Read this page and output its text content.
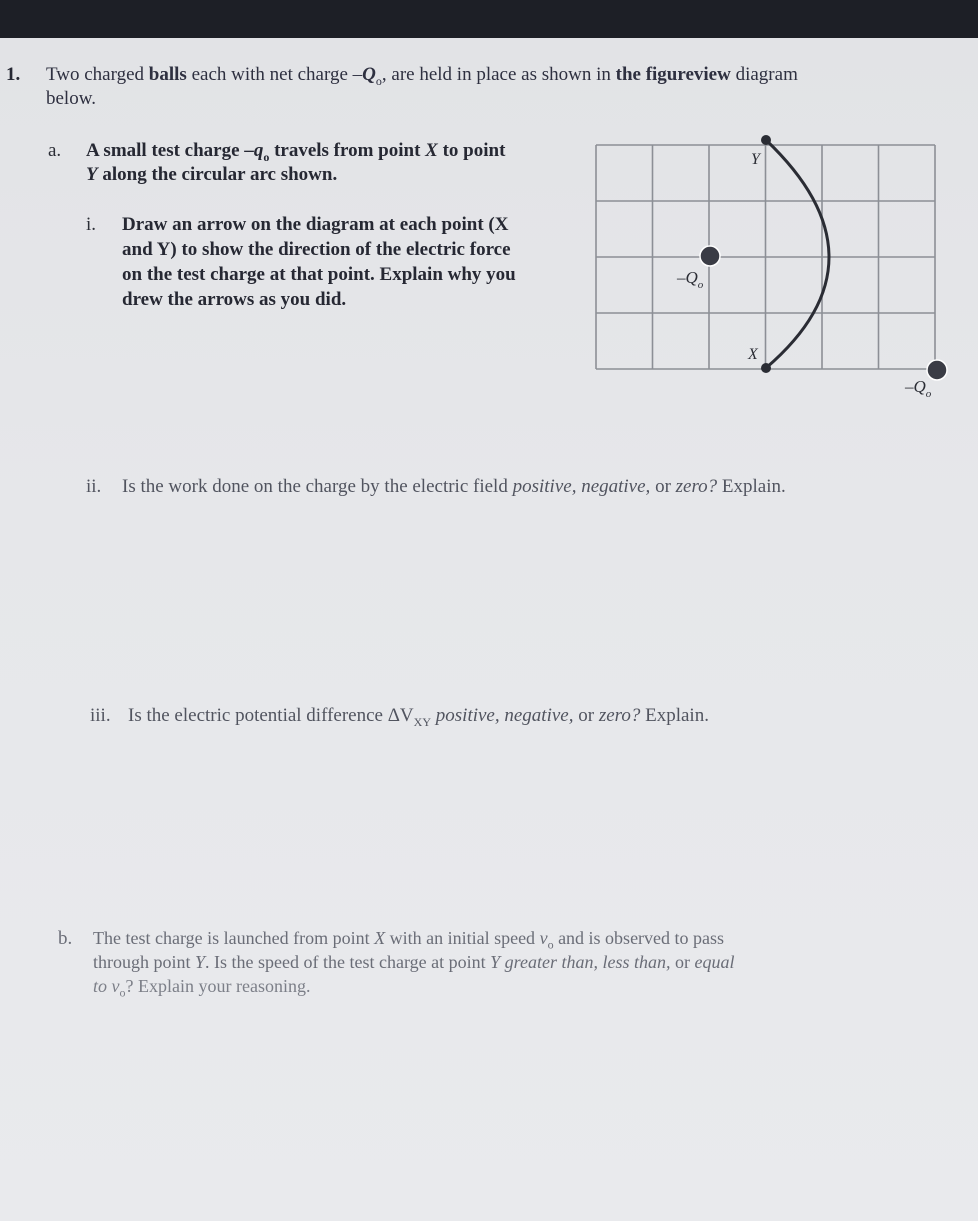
1. Two charged balls each with net charge $-Q_o$, are held in place as shown in the figureview diagram
below.
a. A small test charge $-q_o$ travels from point X to point
Y along the circular arc shown.
i. Draw an arrow on the diagram at each point (X
and Y) to show the direction of the electric force
on the test charge at that point. Explain why you
drew the arrows as you did.
Y
X
$-Q_o$
$-Q_o$
ii. Is the work done on the charge by the electric field positive, negative, or zero? Explain.
iii. Is the electric potential difference $\Delta V_{XY}$ positive, negative, or zero? Explain.
b. The test charge is launched from point X with an initial speed $v_o$ and is observed to pass
through point Y. Is the speed of the test charge at point Y greater than, less than, or equal
to $v_o$? Explain your reasoning.
